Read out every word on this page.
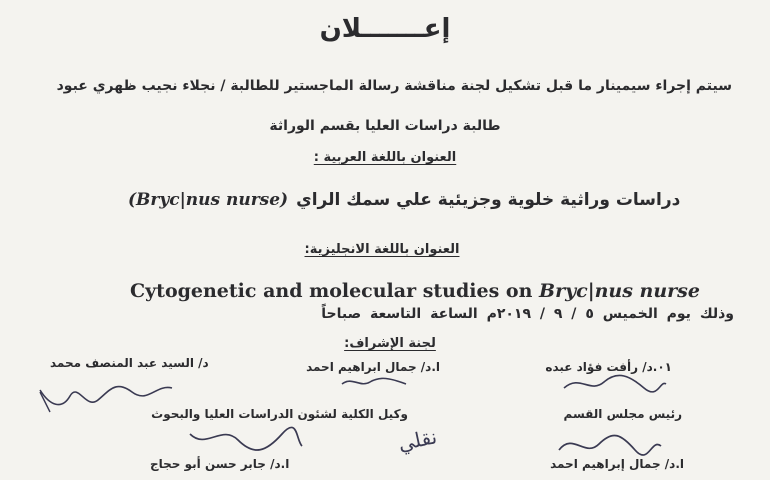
إعـــــــلان
سيتم إجراء سيمينار ما قبل تشكيل لجنة مناقشة رسالة الماجستير للطالبة / نجلاء نجيب ظهري عبود
طالبة دراسات العليا بقسم الوراثة
العنوان باللغة العربية :
(Bryc|nus nurse) دراسات وراثية خلوية وجزيئية علي سمك الراي
العنوان باللغة الانجليزية:
Cytogenetic and molecular studies on Bryc|nus nurse
وذلك يوم الخميس ٥ / ٩ / ٢٠١٩م الساعة التاسعة صباحاً
لجنة الإشراف:
٠١.د/ رأفت فؤاد عبده
ا.د/ جمال ابراهيم احمد
د/ السيد عبد المنصف محمد
رئيس مجلس القسم
وكيل الكلية لشئون الدراسات العليا والبحوث
نقلي
ا.د/ جمال إبراهيم احمد
ا.د/ جابر حسن أبو حجاج
